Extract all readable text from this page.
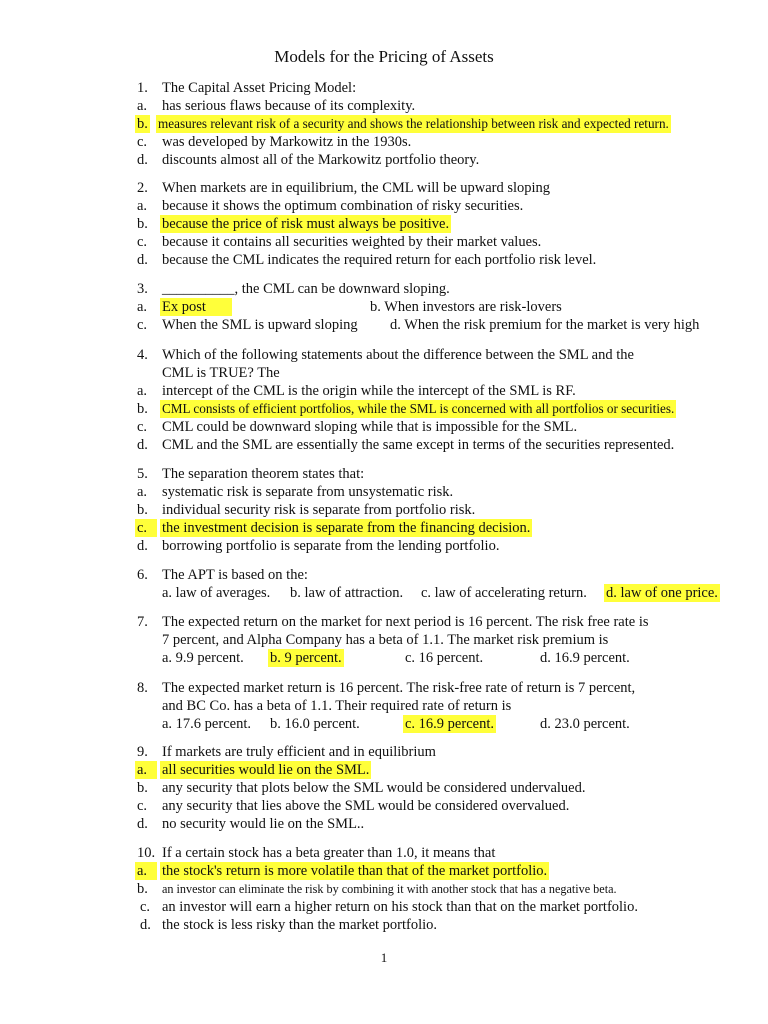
Models for the Pricing of Assets
1. The Capital Asset Pricing Model:
a. has serious flaws because of its complexity.
b. measures relevant risk of a security and shows the relationship between risk and expected return.
c. was developed by Markowitz in the 1930s.
d. discounts almost all of the Markowitz portfolio theory.
2. When markets are in equilibrium, the CML will be upward sloping
a. because it shows the optimum combination of risky securities.
b. because the price of risk must always be positive.
c. because it contains all securities weighted by their market values.
d. because the CML indicates the required return for each portfolio risk level.
3. __________, the CML can be downward sloping.
a. Ex post	b. When investors are risk-lovers
c. When the SML is upward sloping d. When the risk premium for the market is very high
4. Which of the following statements about the difference between the SML and the
CML is TRUE? The
a. intercept of the CML is the origin while the intercept of the SML is RF.
b. CML consists of efficient portfolios, while the SML is concerned with all portfolios or securities.
c. CML could be downward sloping while that is impossible for the SML.
d. CML and the SML are essentially the same except in terms of the securities represented.
5. The separation theorem states that:
a. systematic risk is separate from unsystematic risk.
b. individual security risk is separate from portfolio risk.
c.	the investment decision is separate from the financing decision.
d. borrowing portfolio is separate from the lending portfolio.
6. The APT is based on the:
a. law of averages. b. law of attraction. c. law of accelerating return. d. law of one price.
7. The expected return on the market for next period is 16 percent. The risk free rate is
7 percent, and Alpha Company has a beta of 1.1. The market risk premium is
a. 9.9 percent. b. 9 percent.	c. 16 percent.	d. 16.9 percent.
8. The expected market return is 16 percent. The risk-free rate of return is 7 percent,
and BC Co. has a beta of 1.1. Their required rate of return is
a. 17.6 percent. b. 16.0 percent.	c. 16.9 percent.	d. 23.0 percent.
9. If markets are truly efficient and in equilibrium
a.	all securities would lie on the SML.
b. any security that plots below the SML would be considered undervalued.
c. any security that lies above the SML would be considered overvalued.
d. no security would lie on the SML..
10. If a certain stock has a beta greater than 1.0, it means that
a.	the stock's return is more volatile than that of the market portfolio.
b. an investor can eliminate the risk by combining it with another stock that has a negative beta.
c. an investor will earn a higher return on his stock than that on the market portfolio.
d. the stock is less risky than the market portfolio.
1
